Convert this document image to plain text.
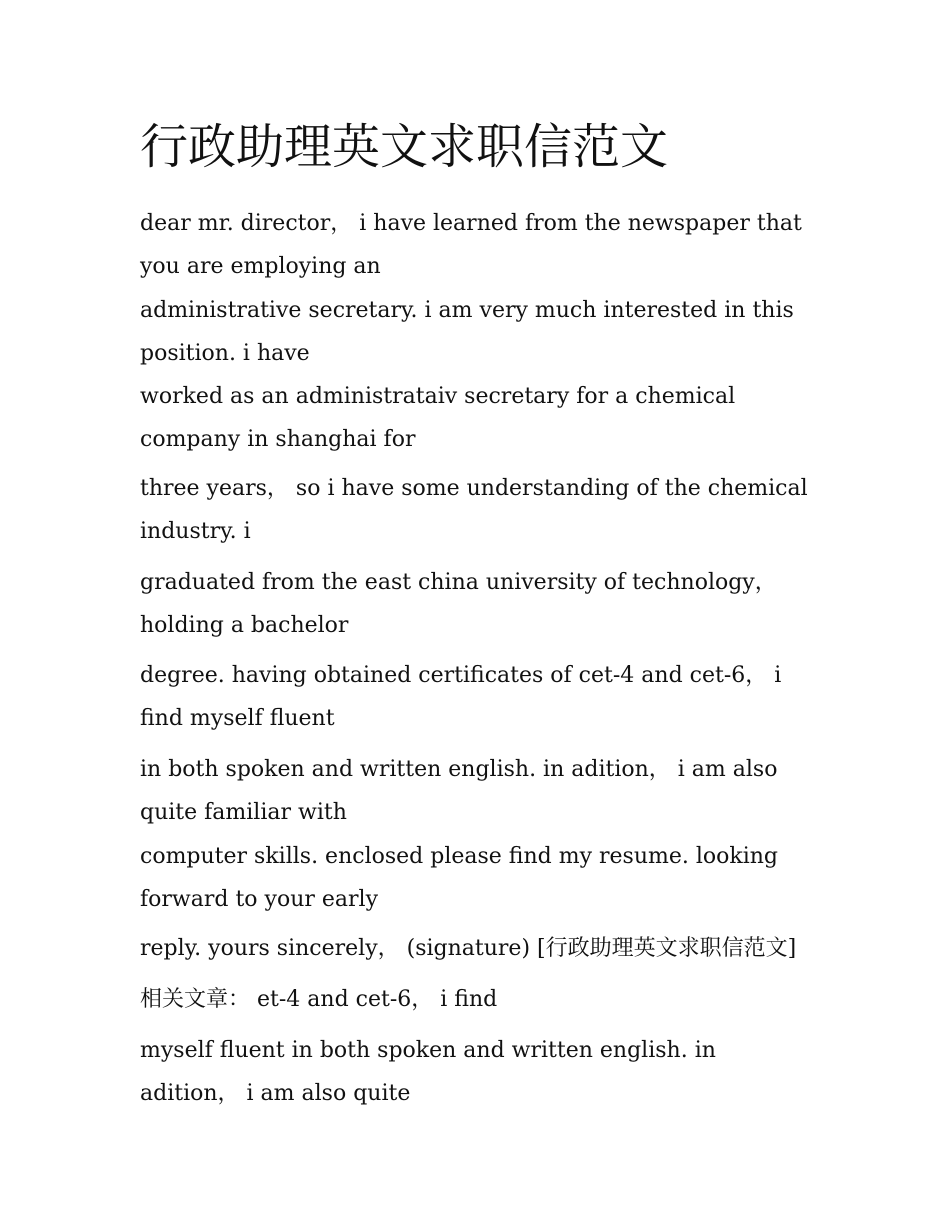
行政助理英文求职信范文

dear mr. director， i have learned from the newspaper that you are employing an

administrative secretary. i am very much interested in this position. i have

worked as an administrataiv secretary for a chemical company in shanghai for

three years， so i have some understanding of the chemical industry. i

graduated from the east china university of technology， holding a bachelor

degree. having obtained certificates of cet-4 and cet-6， i find myself fluent

in both spoken and written english. in adition， i am also quite familiar with

computer skills. enclosed please find my resume. looking forward to your early

reply. yours sincerely， (signature) [行政助理英文求职信范文]

相关文章： et-4 and cet-6， i find

myself fluent in both spoken and written english. in adition， i am also quite
